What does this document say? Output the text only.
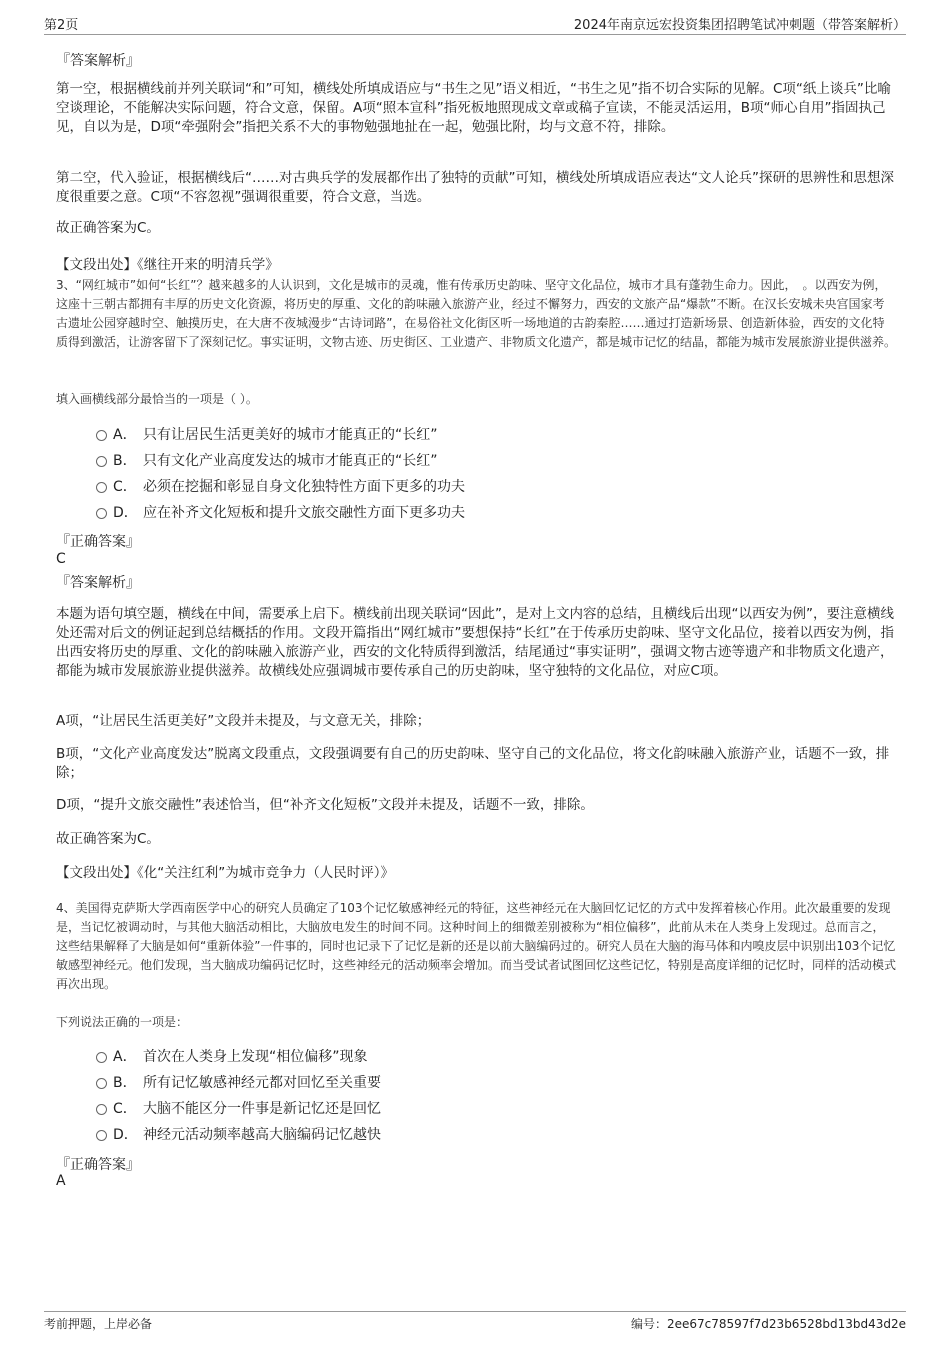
第2页	2024年南京远宏投资集团招聘笔试冲刺题（带答案解析）
『答案解析』
第一空，根据横线前并列关联词“和”可知，横线处所填成语应与“书生之见”语义相近，“书生之见”指不切合实际的见解。C项“纸上谈兵”比喻空谈理论，不能解决实际问题，符合文意，保留。A项“照本宣科”指死板地照现成文章或稿子宣读，不能灵活运用，B项“师心自用”指固执己见，自以为是，D项“牵强附会”指把关系不大的事物勉强地扯在一起，勉强比附，均与文意不符，排除。
第二空，代入验证，根据横线后“……对古典兵学的发展都作出了独特的贡献”可知，横线处所填成语应表达“文人论兵”探研的思辨性和思想深度很重要之意。C项“不容忽视”强调很重要，符合文意，当选。
故正确答案为C。
【文段出处】《继往开来的明清兵学》
3、“网红城市”如何“长红”？越来越多的人认识到，文化是城市的灵魂，惟有传承历史韵味、坚守文化品位，城市才具有蓬勃生命力。因此，　。以西安为例，这座十三朝古都拥有丰厚的历史文化资源，将历史的厚重、文化的韵味融入旅游产业，经过不懈努力，西安的文旅产品“爆款”不断。在汉长安城未央宫国家考古遗址公园穿越时空、触摸历史，在大唐不夜城漫步“古诗词路”，在易俗社文化街区听一场地道的古韵秦腔……通过打造新场景、创造新体验，西安的文化特质得到激活，让游客留下了深刻记忆。事实证明，文物古迹、历史街区、工业遗产、非物质文化遗产，都是城市记忆的结晶，都能为城市发展旅游业提供滋养。
填入画横线部分最恰当的一项是（ ）。
A． 只有让居民生活更美好的城市才能真正的“长红”
B． 只有文化产业高度发达的城市才能真正的“长红”
C． 必须在挖掘和彰显自身文化独特性方面下更多的功夫
D． 应在补齐文化短板和提升文旅交融性方面下更多功夫
『正确答案』
C
『答案解析』
本题为语句填空题，横线在中间，需要承上启下。横线前出现关联词“因此”，是对上文内容的总结，且横线后出现“以西安为例”，要注意横线处还需对后文的例证起到总结概括的作用。文段开篇指出“网红城市”要想保持“长红”在于传承历史韵味、坚守文化品位，接着以西安为例，指出西安将历史的厚重、文化的韵味融入旅游产业，西安的文化特质得到激活，结尾通过“事实证明”，强调文物古迹等遗产和非物质文化遗产，都能为城市发展旅游业提供滋养。故横线处应强调城市要传承自己的历史韵味，坚守独特的文化品位，对应C项。
A项，“让居民生活更美好”文段并未提及，与文意无关，排除；
B项，“文化产业高度发达”脱离文段重点，文段强调要有自己的历史韵味、坚守自己的文化品位，将文化韵味融入旅游产业，话题不一致，排除；
D项，“提升文旅交融性”表述恰当，但“补齐文化短板”文段并未提及，话题不一致，排除。
故正确答案为C。
【文段出处】《化“关注红利”为城市竞争力（人民时评）》
4、美国得克萨斯大学西南医学中心的研究人员确定了103个记忆敏感神经元的特征，这些神经元在大脑回忆记忆的方式中发挥着核心作用。此次最重要的发现是，当记忆被调动时，与其他大脑活动相比，大脑放电发生的时间不同。这种时间上的细微差别被称为“相位偏移”，此前从未在人类身上发现过。总而言之，这些结果解释了大脑是如何“重新体验”一件事的，同时也记录下了记忆是新的还是以前大脑编码过的。研究人员在大脑的海马体和内嗅皮层中识别出103个记忆敏感型神经元。他们发现，当大脑成功编码记忆时，这些神经元的活动频率会增加。而当受试者试图回忆这些记忆，特别是高度详细的记忆时，同样的活动模式再次出现。
下列说法正确的一项是：
A． 首次在人类身上发现“相位偏移”现象
B． 所有记忆敏感神经元都对回忆至关重要
C． 大脑不能区分一件事是新记忆还是回忆
D． 神经元活动频率越高大脑编码记忆越快
『正确答案』
A
考前押题，上岸必备	编号：2ee67c78597f7d23b6528bd13bd43d2e
